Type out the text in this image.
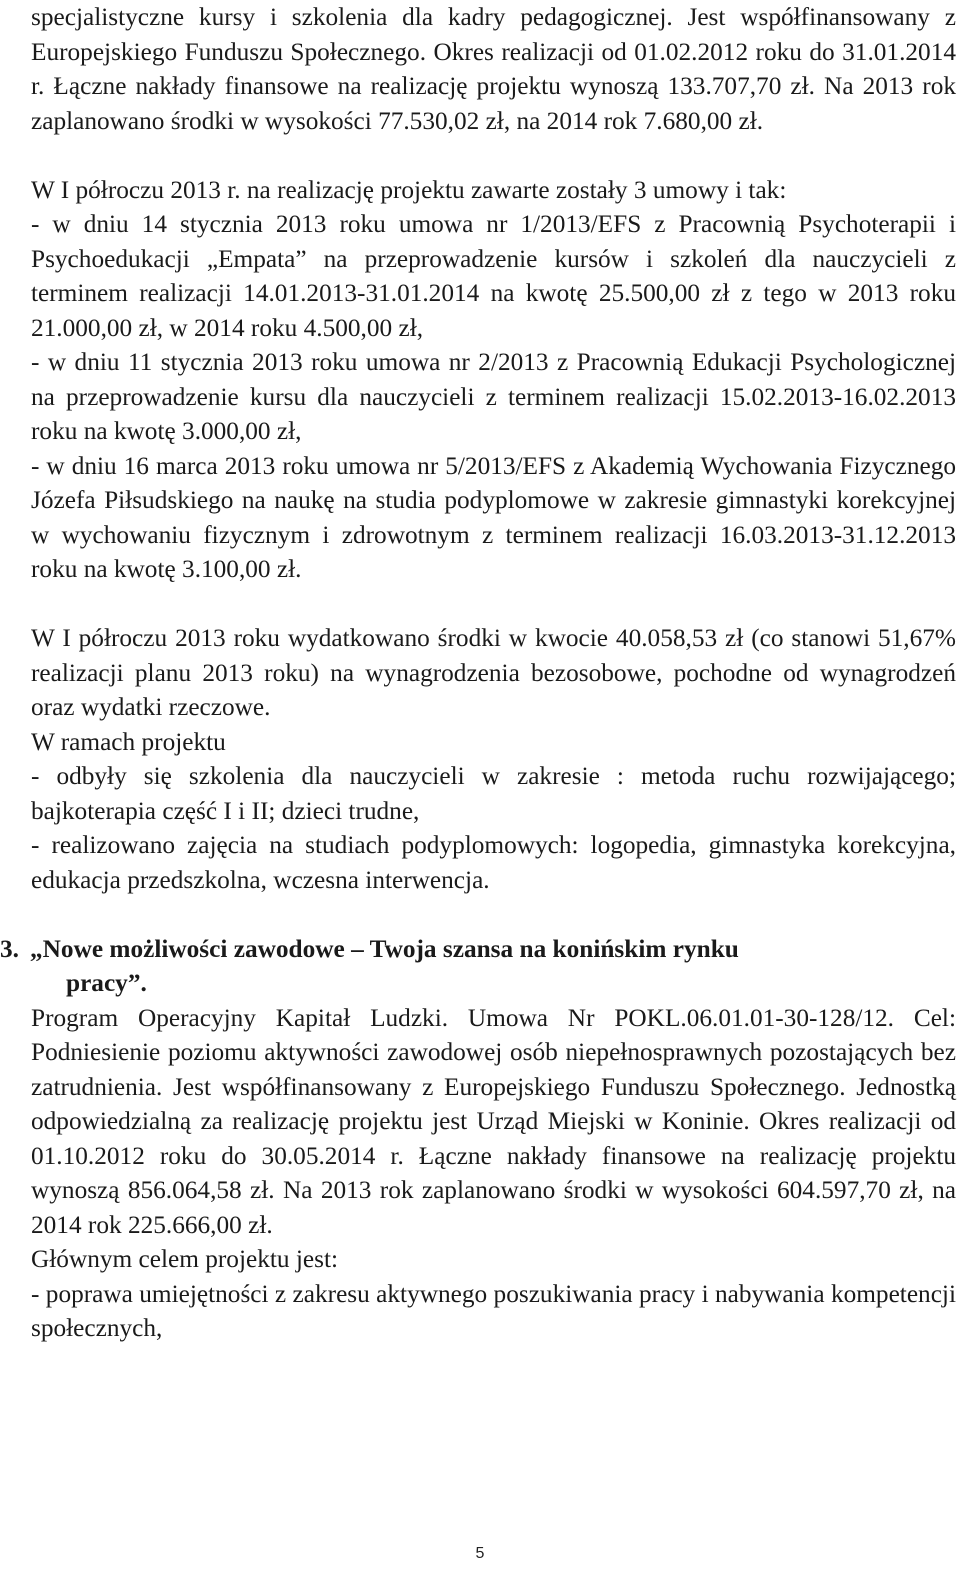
specjalistyczne kursy i szkolenia dla kadry pedagogicznej. Jest współfinansowany z Europejskiego Funduszu Społecznego. Okres realizacji od 01.02.2012 roku do 31.01.2014 r. Łączne nakłady finansowe na realizację projektu wynoszą 133.707,70 zł. Na 2013 rok zaplanowano środki w wysokości 77.530,02 zł, na 2014 rok 7.680,00 zł.

W I półroczu 2013 r. na realizację projektu zawarte zostały 3 umowy i tak:

- w dniu 14 stycznia 2013 roku umowa nr 1/2013/EFS z Pracownią Psychoterapii i Psychoedukacji „Empata” na przeprowadzenie kursów i szkoleń dla nauczycieli z terminem realizacji 14.01.2013-31.01.2014 na kwotę 25.500,00 zł z tego w 2013 roku 21.000,00 zł, w 2014 roku 4.500,00 zł,

- w dniu 11 stycznia 2013 roku umowa nr 2/2013 z Pracownią Edukacji Psychologicznej na przeprowadzenie kursu dla nauczycieli z terminem realizacji 15.02.2013-16.02.2013 roku na kwotę 3.000,00 zł,

- w dniu 16 marca 2013 roku umowa nr 5/2013/EFS z Akademią Wychowania Fizycznego Józefa Piłsudskiego na naukę na studia podyplomowe w zakresie gimnastyki korekcyjnej w wychowaniu fizycznym i zdrowotnym z terminem realizacji 16.03.2013-31.12.2013 roku na kwotę 3.100,00 zł.

W I półroczu 2013 roku wydatkowano środki w kwocie 40.058,53 zł (co stanowi 51,67% realizacji planu 2013 roku) na wynagrodzenia bezosobowe, pochodne od wynagrodzeń oraz wydatki rzeczowe.

W ramach projektu

- odbyły się szkolenia dla nauczycieli w zakresie : metoda ruchu rozwijającego; bajkoterapia część I i II; dzieci trudne,

- realizowano zajęcia na studiach podyplomowych: logopedia, gimnastyka korekcyjna, edukacja przedszkolna, wczesna interwencja.

3. „Nowe możliwości zawodowe – Twoja szansa na konińskim rynku
pracy”.

Program Operacyjny Kapitał Ludzki. Umowa Nr POKL.06.01.01-30-128/12. Cel: Podniesienie poziomu aktywności zawodowej osób niepełnosprawnych pozostających bez zatrudnienia. Jest współfinansowany z Europejskiego Funduszu Społecznego. Jednostką odpowiedzialną za realizację projektu jest Urząd Miejski w Koninie. Okres realizacji od 01.10.2012 roku do 30.05.2014 r. Łączne nakłady finansowe na realizację projektu wynoszą 856.064,58 zł. Na 2013 rok zaplanowano środki w wysokości 604.597,70 zł, na 2014 rok 225.666,00 zł.

Głównym celem projektu jest:

- poprawa umiejętności z zakresu aktywnego poszukiwania pracy i nabywania kompetencji społecznych,

5
